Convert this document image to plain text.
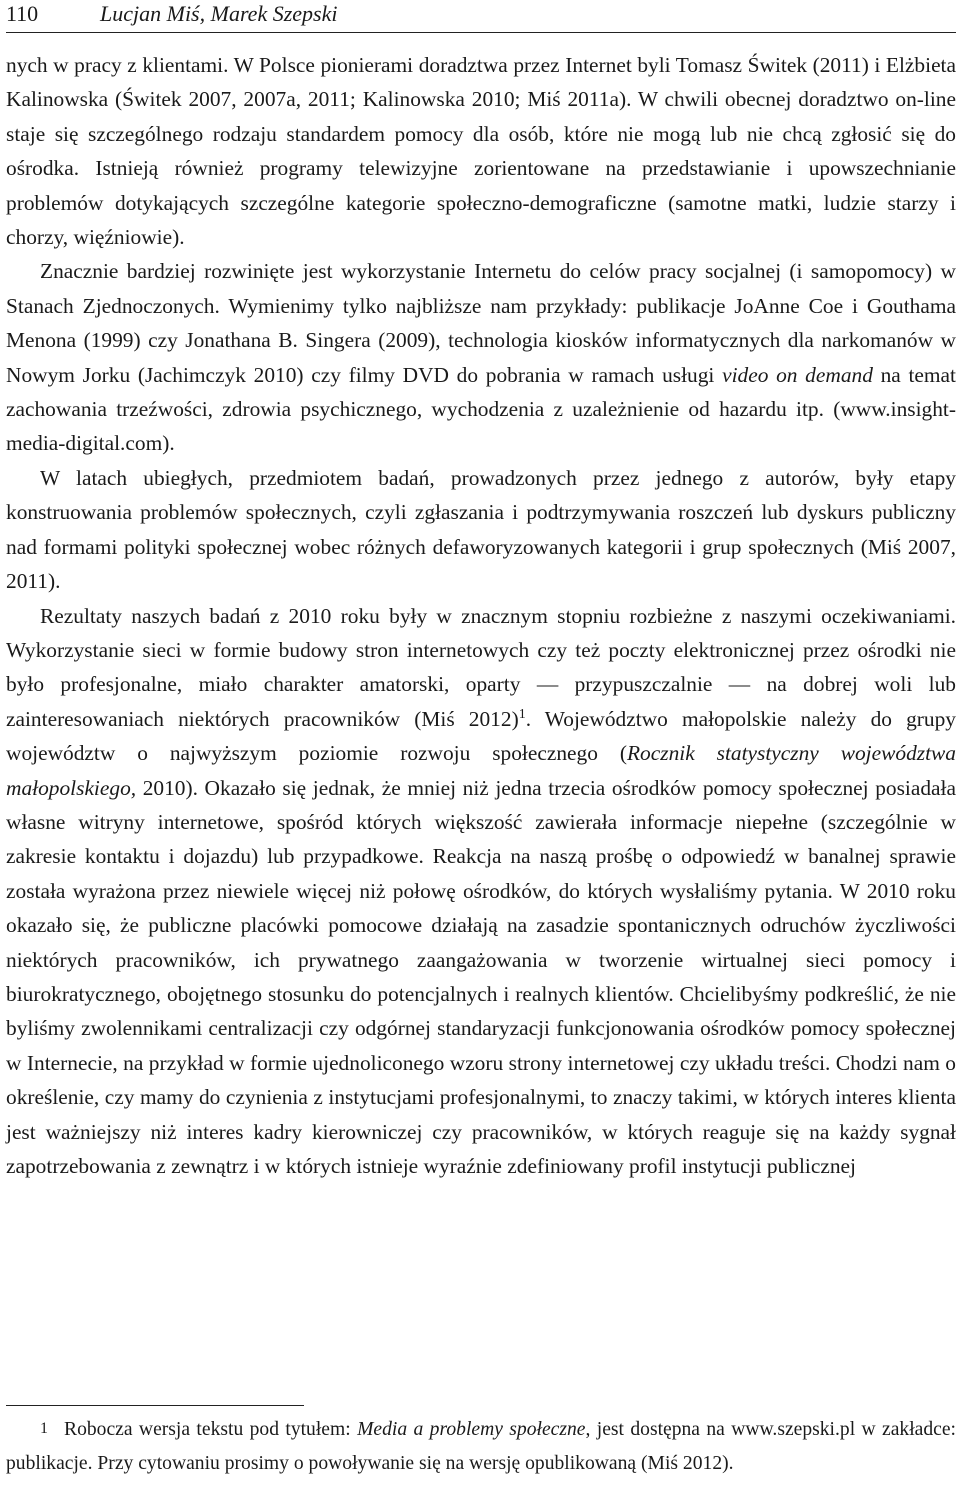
110	Lucjan Miś, Marek Szepski

nych w pracy z klientami. W Polsce pionierami doradztwa przez Internet byli Tomasz Świtek (2011) i Elżbieta Kalinowska (Świtek 2007, 2007a, 2011; Kalinowska 2010; Miś 2011a). W chwili obecnej doradztwo on-line staje się szczególnego rodzaju standardem pomocy dla osób, które nie mogą lub nie chcą zgłosić się do ośrodka. Istnieją również programy telewizyjne zorientowane na przedstawianie i upowszechnianie problemów dotykających szczególne kategorie społeczno-demograficzne (samotne matki, ludzie starzy i chorzy, więźniowie).

Znacznie bardziej rozwinięte jest wykorzystanie Internetu do celów pracy socjalnej (i samopomocy) w Stanach Zjednoczonych. Wymienimy tylko najbliższe nam przykłady: publikacje JoAnne Coe i Gouthama Menona (1999) czy Jonathana B. Singera (2009), technologia kiosków informatycznych dla narkomanów w Nowym Jorku (Jachimczyk 2010) czy filmy DVD do pobrania w ramach usługi video on demand na temat zachowania trzeźwości, zdrowia psychicznego, wychodzenia z uzależnienie od hazardu itp. (www.insight-media-digital.com).

W latach ubiegłych, przedmiotem badań, prowadzonych przez jednego z autorów, były etapy konstruowania problemów społecznych, czyli zgłaszania i podtrzymywania roszczeń lub dyskurs publiczny nad formami polityki społecznej wobec różnych defaworyzowanych kategorii i grup społecznych (Miś 2007, 2011).

Rezultaty naszych badań z 2010 roku były w znacznym stopniu rozbieżne z naszymi oczekiwaniami. Wykorzystanie sieci w formie budowy stron internetowych czy też poczty elektronicznej przez ośrodki nie było profesjonalne, miało charakter amatorski, oparty — przypuszczalnie — na dobrej woli lub zainteresowaniach niektórych pracowników (Miś 2012)$^1$. Województwo małopolskie należy do grupy województw o najwyższym poziomie rozwoju społecznego (Rocznik statystyczny województwa małopolskiego, 2010). Okazało się jednak, że mniej niż jedna trzecia ośrodków pomocy społecznej posiadała własne witryny internetowe, spośród których większość zawierała informacje niepełne (szczególnie w zakresie kontaktu i dojazdu) lub przypadkowe. Reakcja na naszą prośbę o odpowiedź w banalnej sprawie została wyrażona przez niewiele więcej niż połowę ośrodków, do których wysłaliśmy pytania. W 2010 roku okazało się, że publiczne placówki pomocowe działają na zasadzie spontanicznych odruchów życzliwości niektórych pracowników, ich prywatnego zaangażowania w tworzenie wirtualnej sieci pomocy i biurokratycznego, obojętnego stosunku do potencjalnych i realnych klientów. Chcielibyśmy podkreślić, że nie byliśmy zwolennikami centralizacji czy odgórnej standaryzacji funkcjonowania ośrodków pomocy społecznej w Internecie, na przykład w formie ujednoliconego wzoru strony internetowej czy układu treści. Chodzi nam o określenie, czy mamy do czynienia z instytucjami profesjonalnymi, to znaczy takimi, w których interes klienta jest ważniejszy niż interes kadry kierowniczej czy pracowników, w których reaguje się na każdy sygnał zapotrzebowania z zewnątrz i w których istnieje wyraźnie zdefiniowany profil instytucji publicznej

1 Robocza wersja tekstu pod tytułem: Media a problemy społeczne, jest dostępna na www.szepski.pl w zakładce: publikacje. Przy cytowaniu prosimy o powoływanie się na wersję opublikowaną (Miś 2012).
